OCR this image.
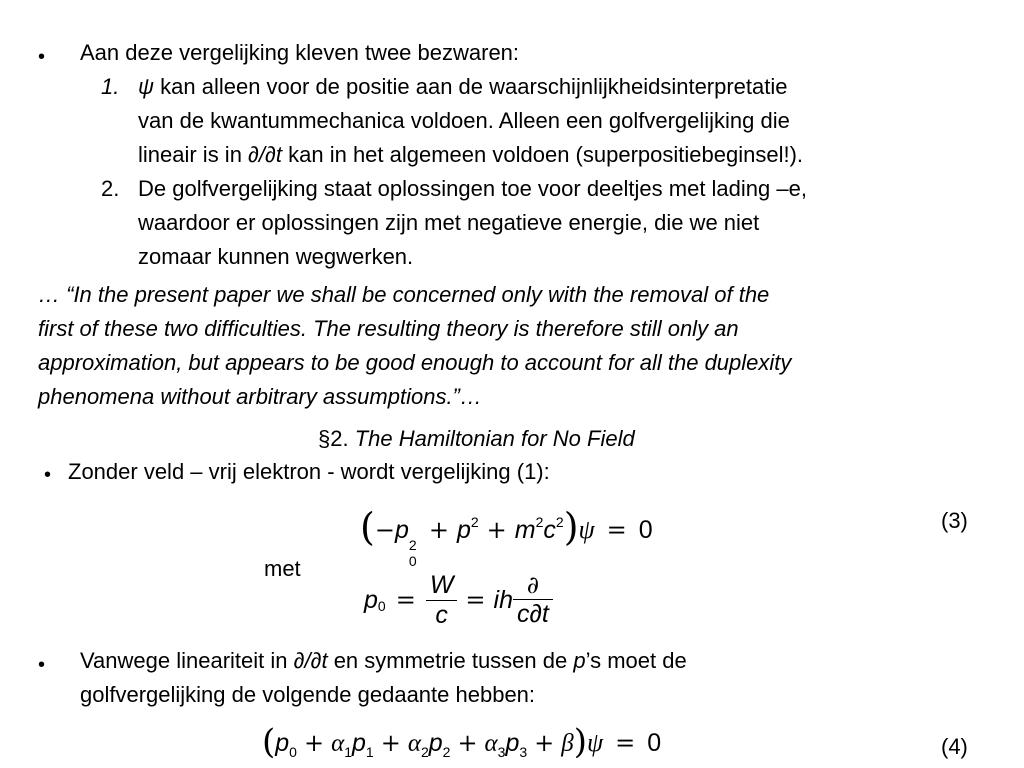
• Aan deze vergelijking kleven twee bezwaren:
1. ψ kan alleen voor de positie aan de waarschijnlijkheidsinterpretatie
van de kwantummechanica voldoen. Alleen een golfvergelijking die
lineair is in ∂/∂t kan in het algemeen voldoen (superpositiebeginsel!).
2. De golfvergelijking staat oplossingen toe voor deeltjes met lading –e,
waardoor er oplossingen zijn met negatieve energie, die we niet
zomaar kunnen wegwerken.
… “In the present paper we shall be concerned only with the removal of the
first of these two difficulties. The resulting theory is therefore still only an
approximation, but appears to be good enough to account for all the duplexity
phenomena without arbitrary assumptions.”…
§2. The Hamiltonian for No Field
• Zonder veld – vrij elektron - wordt vergelijking (1):
(−p
2
0
+ $p^2 + m^2c^2)\psi = 0$	(3)
met
p $0 = \frac{W}{c}$ = ih $\frac{\partial}{c\partial t}$
• Vanwege lineariteit in ∂/∂t en symmetrie tussen de p’s moet de
golfvergelijking de volgende gedaante hebben:
$(p_0 + \alpha_1p_1 + \alpha_2p_2 + \alpha_3p_3 + \beta)\psi = 0$	(4)
